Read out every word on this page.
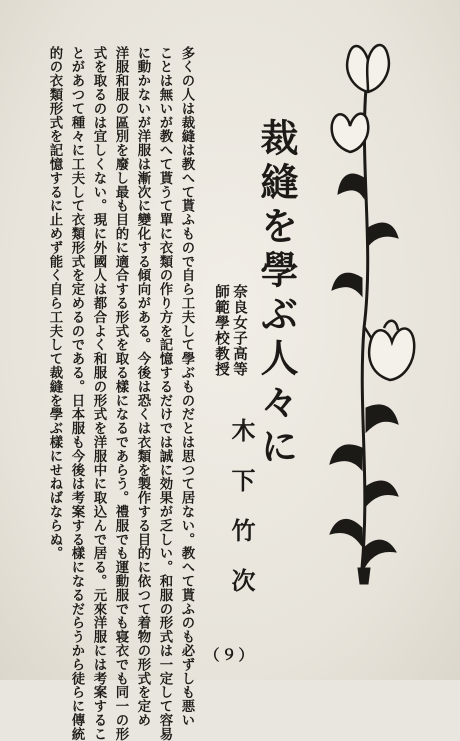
裁縫を學ぶ人々に
奈良女子高等
師範學校教授
木下竹次
多くの人は裁縫は教へて貰ふもので自ら工夫して學ぶものだとは思つて居ない。教へて貰ふのも必ずしも悪い
ことは無いが教へて貰うて單に衣類の作り方を記憶するだけでは誠に効果が乏しい。和服の形式は一定して容易
に動かないが洋服は漸次に變化する傾向がある。今後は恐くは衣類を製作する目的に依つて着物の形式を定め
洋服和服の區別を廢し最も目的に適合する形式を取る樣になるであらう。禮服でも運動服でも寝衣でも同一の形
式を取るのは宜しくない。現に外國人は都合よく和服の形式を洋服中に取込んで居る。元來洋服には考案するこ
とがあつて種々に工夫して衣類形式を定めるのである。日本服も今後は考案する樣になるだらうから徒らに傳統
的の衣類形式を記憶するに止めず能く自ら工夫して裁縫を學ぶ樣にせねばならぬ。
（９）
